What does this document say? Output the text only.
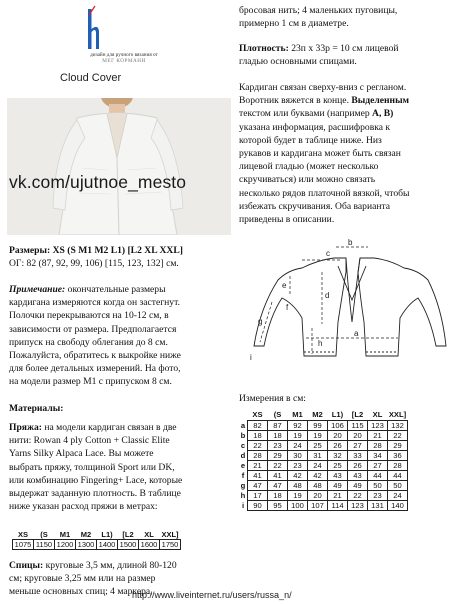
дизайн для ручного вязания от
МЕГ КОРМАНИ
Cloud Cover
vk.com/ujutnoe_mesto
Размеры: XS (S M1 M2 L1) [L2 XL XXL]
ОГ: 82 (87, 92, 99, 106) [115, 123, 132] см.
Примечание: окончательные размеры
кардигана измеряются когда он застегнут.
Полочки перекрываются на 10-12 см, в
зависимости от размера. Предполагается
припуск на свободу облегания до 8 см.
Пожалуйста, обратитесь к выкройке ниже
для более детальных измерений. На фото,
на модели размер М1 с припуском 8 см.
Материалы:
Пряжа: на модели кардиган связан в две
нити: Rowan 4 ply Cotton + Classic Elite
Yarns Silky Alpaca Lace. Вы можете
выбрать пряжу, толщиной Sport или DK,
или комбинацию Fingering+ Lace, которые
выдержат заданную плотность. В таблице
ниже указан расход пряжи в метрах:
XS	(S	M1	M2	L1)	[L2	XL	XXL]
1075	1150	1200	1300	1400	1500	1600	1750
Спицы: круговые 3,5 мм, длиной 80-120
см; круговые 3,25 мм или на размер
меньше основных спиц; 4 маркера,
бросовая нить; 4 маленьких пуговицы,
примерно 1 см в диаметре.
Плотность: 23п х 33р = 10 см лицевой
гладью основными спицами.
Кардиган связан сверху-вниз с регланом.
Воротник вяжется в конце. Выделенным
текстом или буквами (например A, B)
указана информация, расшифровка к
которой будет в таблице ниже. Низ
рукавов и кардигана может быть связан
лицевой гладью (может несколько
скручиваться) или можно связать
несколько рядов платочной вязкой, чтобы
избежать скручивания. Оба варианта
приведены в описании.
b
c
d
e
f
g
h
i
a
Измерения в см:
	XS	(S	M1	M2	L1)	[L2	XL	XXL]
a	82	87	92	99	106	115	123	132
b	18	18	19	19	20	20	21	22
c	22	23	24	25	26	27	28	29
d	28	29	30	31	32	33	34	36
e	21	22	23	24	25	26	27	28
f	41	41	42	42	43	43	44	44
g	47	47	48	48	49	49	50	50
h	17	18	19	20	21	22	23	24
i	90	95	100	107	114	123	131	140
http://www.liveinternet.ru/users/russa_n/
